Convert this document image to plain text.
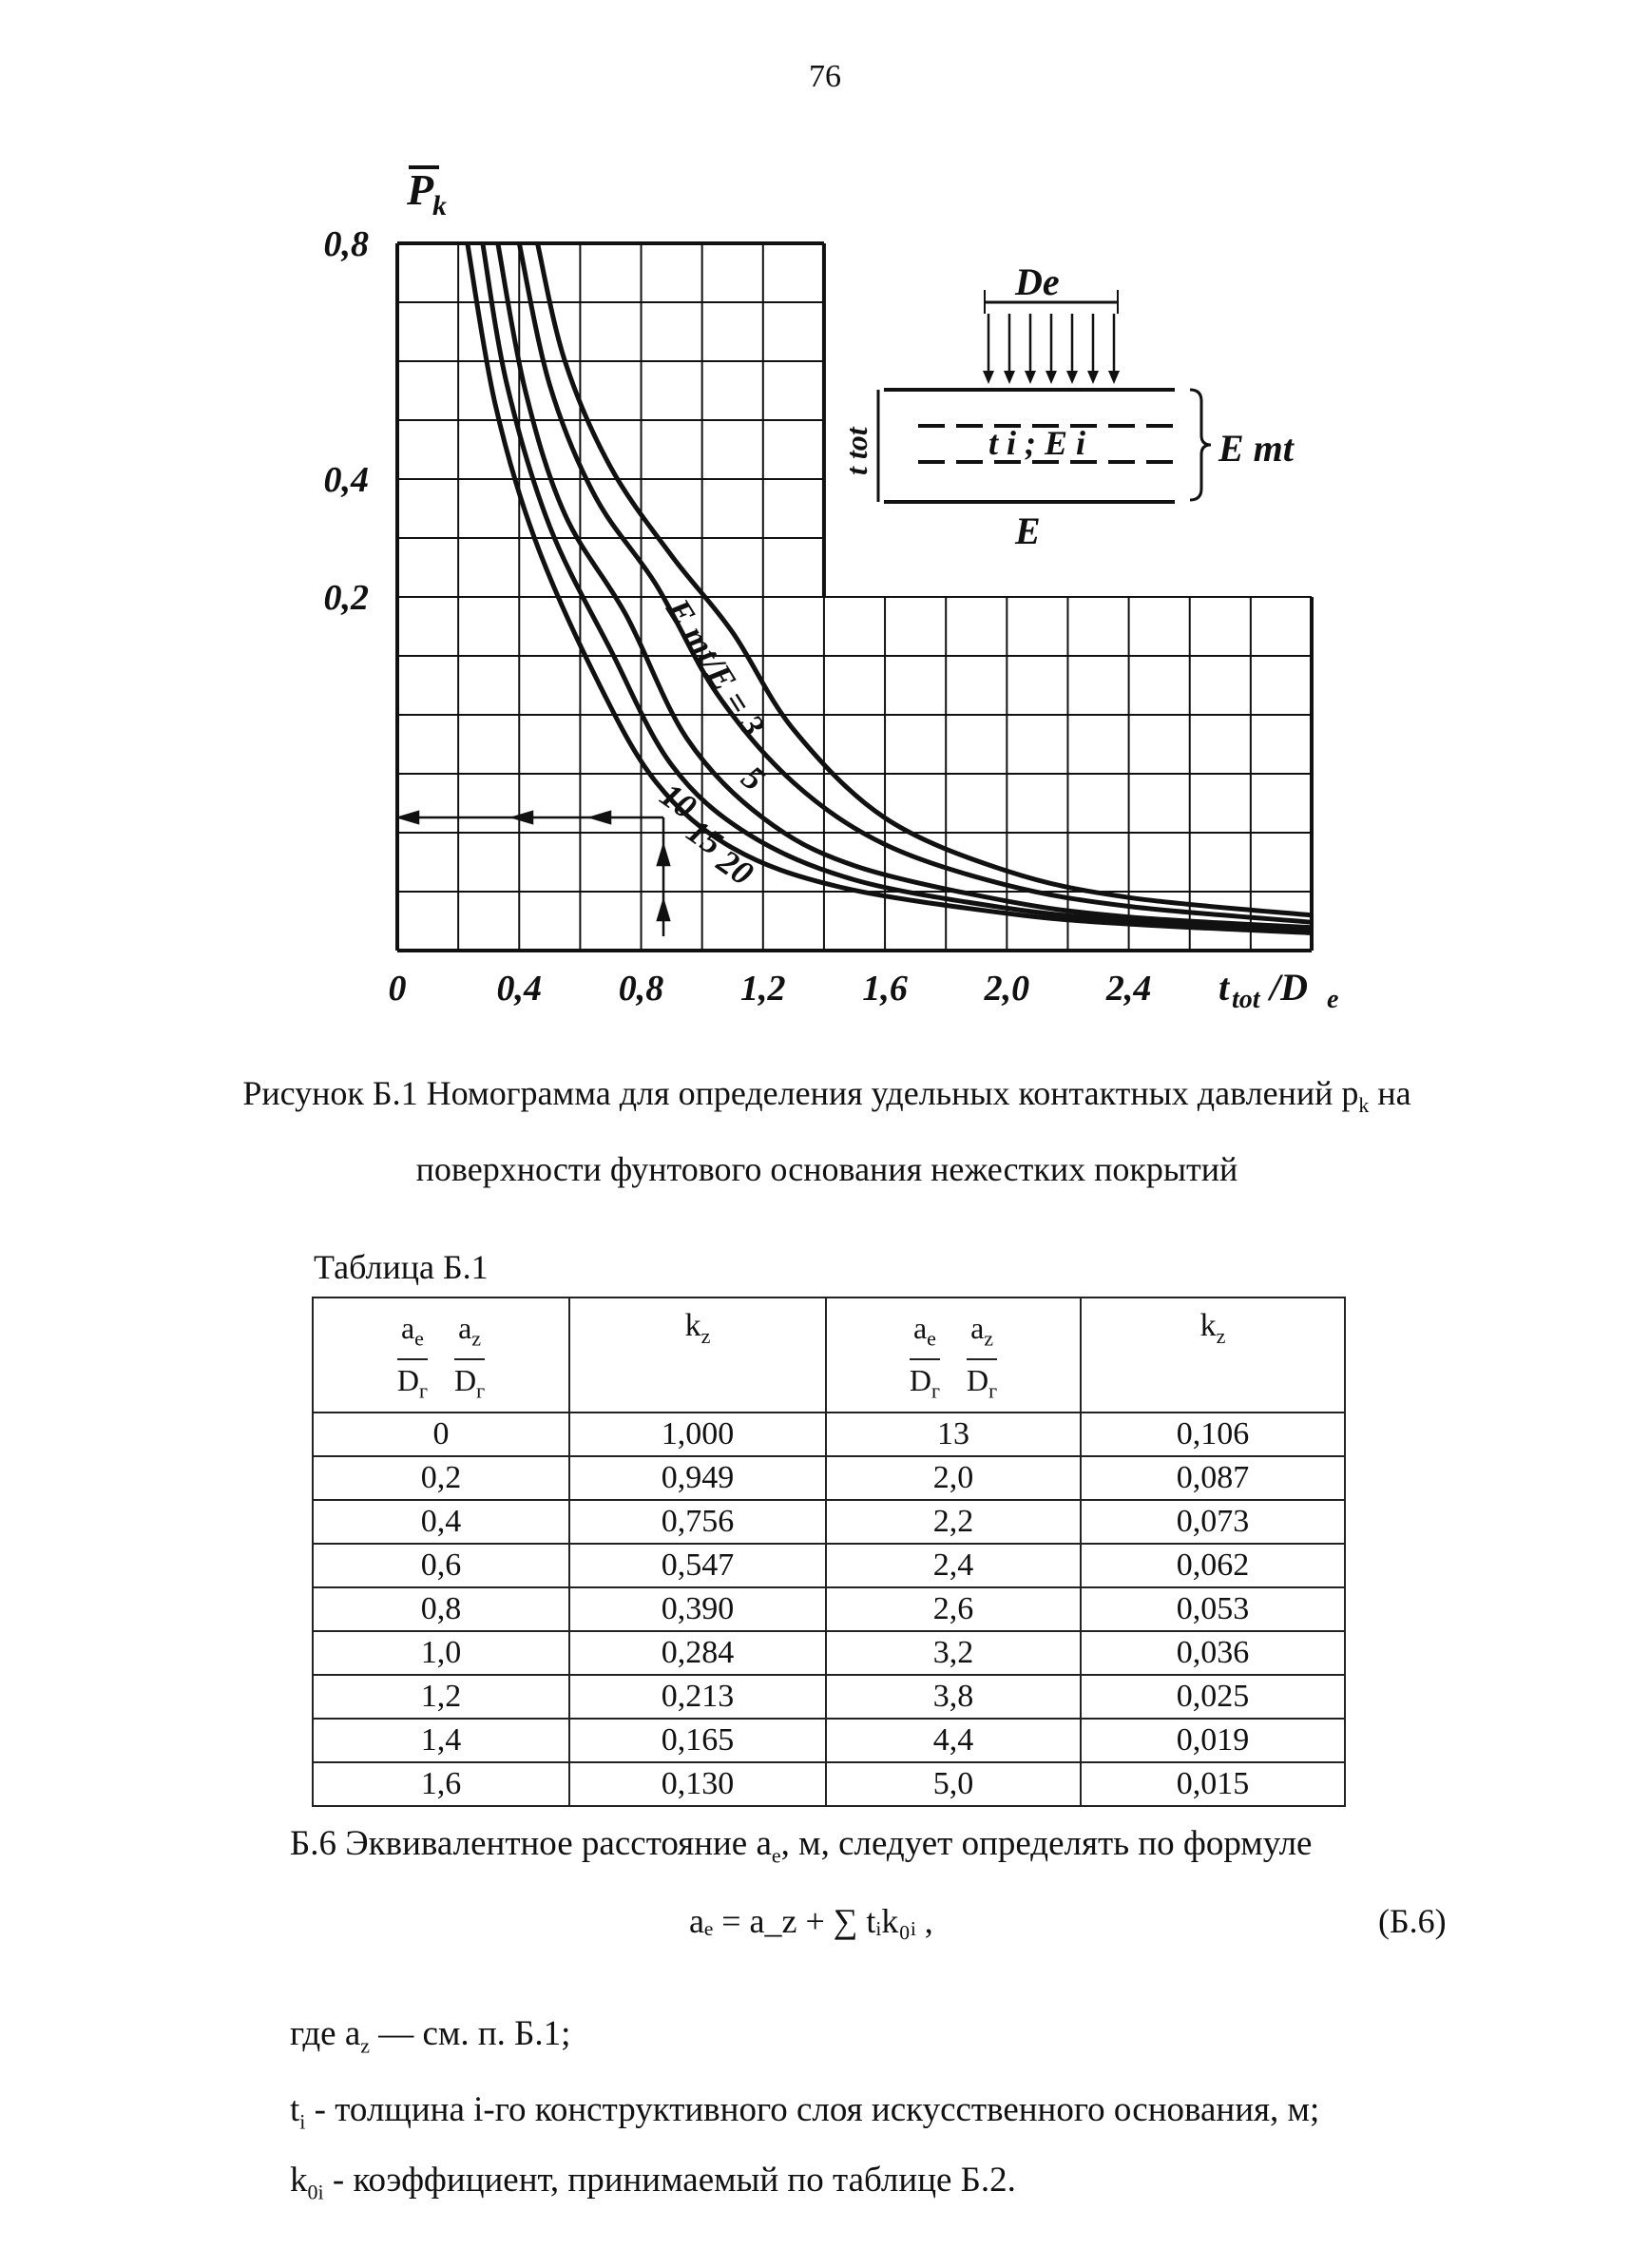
76
0	0,4 0,8 1,2 1,6 2,0 2,4
0,2
0,4
0,8
P
k
t tot /D e
E mt/E = 3
5
10
15
20
De
t i ; E i
t tot	E mt
E
Рисунок Б.1 Номограмма для определения удельных контактных давлений $p_k$ на
поверхности фунтового основания нежестких покрытий
Таблица Б.1
$\frac{a_e}{D_г} \frac{a_z}{D_г}$	$k_z$	$\frac{a_e}{D_г} \frac{a_z}{D_г}$	$k_z$
0	1,000	13	0,106
0,2	0,949	2,0	0,087
0,4	0,756	2,2	0,073
0,6	0,547	2,4	0,062
0,8	0,390	2,6	0,053
1,0	0,284	3,2	0,036
1,2	0,213	3,8	0,025
1,4	0,165	4,4	0,019
1,6	0,130	5,0	0,015
Б.6 Эквивалентное расстояние $a_e$, м, следует определять по формуле
aₑ = a_z + ∑ tᵢk₀ᵢ ,	(Б.6)
где $a_z$ — см. п. Б.1;
$t_i$ - толщина i-го конструктивного слоя искусственного основания, м;
$k_{0i}$ - коэффициент, принимаемый по таблице Б.2.
